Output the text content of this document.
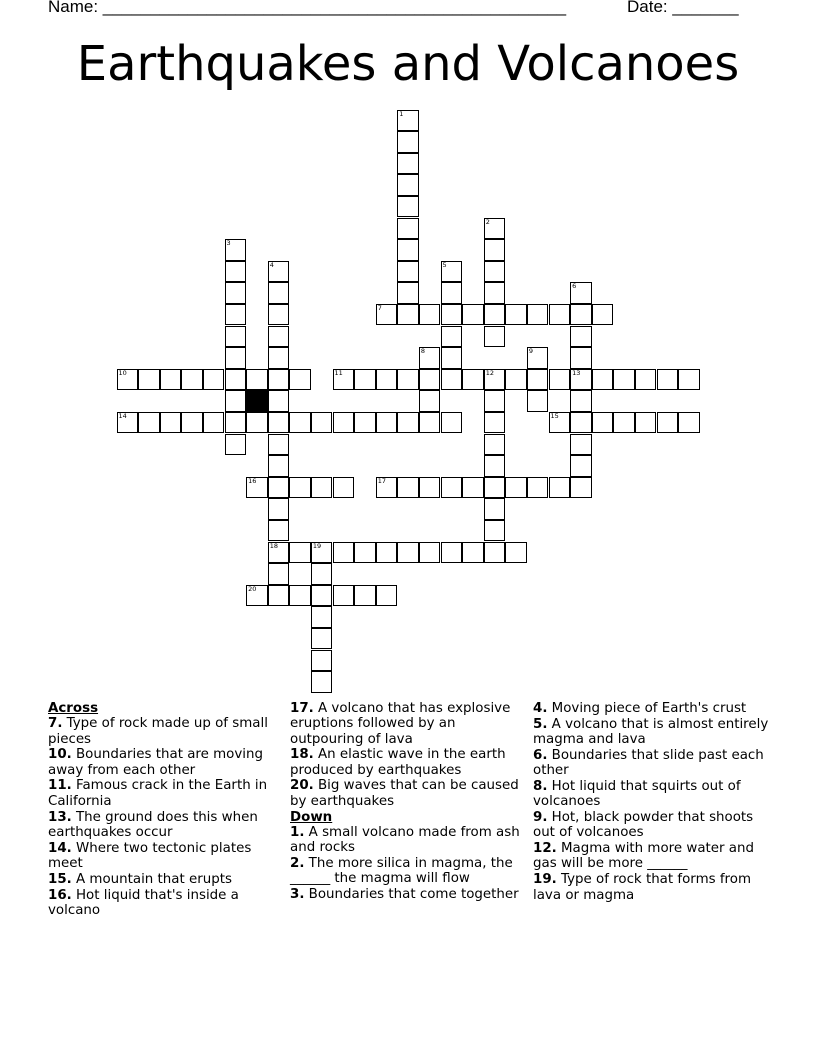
Name: _________________________________________________	Date: _______
Earthquakes and Volcanoes
1
2
3
4
18
5
6
13
7
8	9
10	11	12
14	15
16	17
19
20
Across
7. Type of rock made up of small pieces
10. Boundaries that are moving away from each other
11. Famous crack in the Earth in California
13. The ground does this when earthquakes occur
14. Where two tectonic plates meet
15. A mountain that erupts
16. Hot liquid that's inside a volcano
17. A volcano that has explosive eruptions followed by an outpouring of lava
18. An elastic wave in the earth produced by earthquakes
20. Big waves that can be caused by earthquakes
Down
1. A small volcano made from ash and rocks
2. The more silica in magma, the ______ the magma will flow
3. Boundaries that come together
4. Moving piece of Earth's crust
5. A volcano that is almost entirely magma and lava
6. Boundaries that slide past each other
8. Hot liquid that squirts out of volcanoes
9. Hot, black powder that shoots out of volcanoes
12. Magma with more water and gas will be more ______
19. Type of rock that forms from lava or magma
